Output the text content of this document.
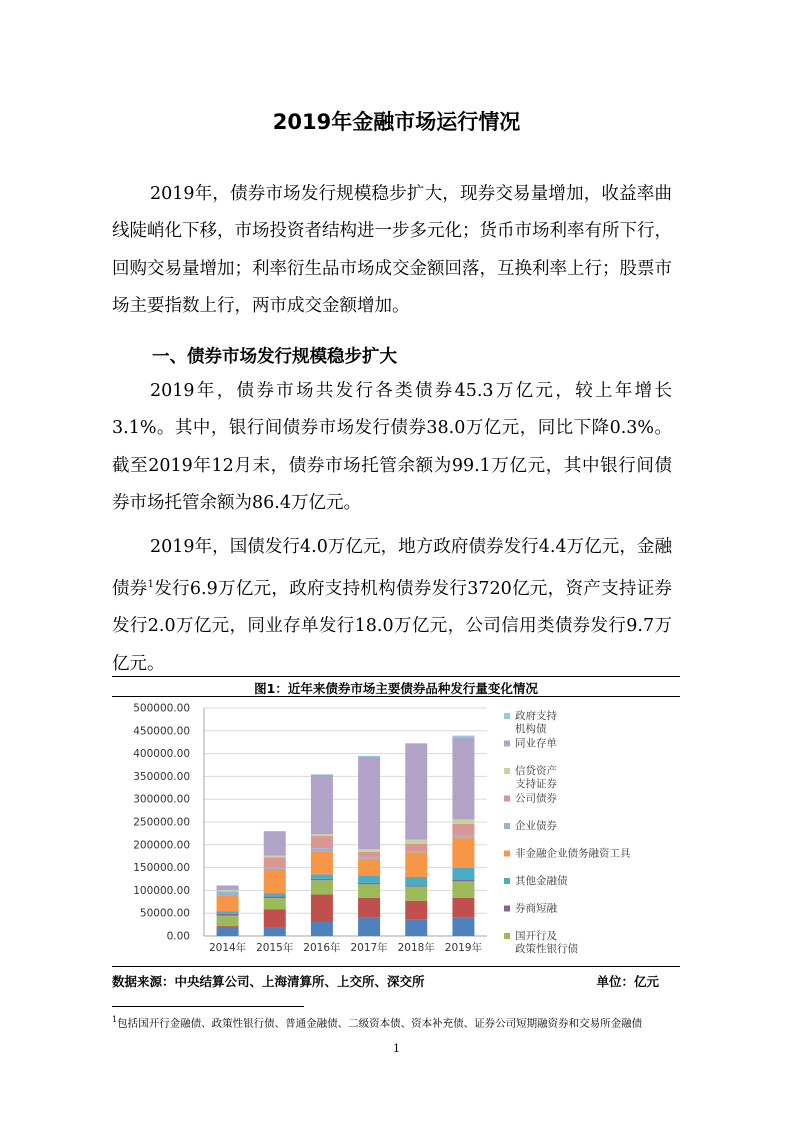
2019年金融市场运行情况

2019年，债券市场发行规模稳步扩大，现券交易量增加，收益率曲线陡峭化下移，市场投资者结构进一步多元化；货币市场利率有所下行，回购交易量增加；利率衍生品市场成交金额回落，互换利率上行；股票市场主要指数上行，两市成交金额增加。

一、债券市场发行规模稳步扩大

2019年，债券市场共发行各类债券45.3万亿元，较上年增长3.1%。其中，银行间债券市场发行债券38.0万亿元，同比下降0.3%。截至2019年12月末，债券市场托管余额为99.1万亿元，其中银行间债券市场托管余额为86.4万亿元。

2019年，国债发行4.0万亿元，地方政府债券发行4.4万亿元，金融债券$^1$发行6.9万亿元，政府支持机构债券发行3720亿元，资产支持证券发行2.0万亿元，同业存单发行18.0万亿元，公司信用类债券发行9.7万亿元。

图1：近年来债券市场主要债券品种发行量变化情况
0.00
50000.00
100000.00
150000.00
200000.00
250000.00
300000.00
350000.00
400000.00
450000.00
500000.00
2014年 2015年 2016年 2017年 2018年 2019年
政府支持机构债
同业存单
信贷资产支持证券
公司债券
企业债券
非金融企业债务融资工具
其他金融债
券商短融
国开行及政策性银行债
数据来源：中央结算公司、上海清算所、上交所、深交所	单位：亿元
$^1$包括国开行金融债、政策性银行债、普通金融债、二级资本债、资本补充债、证券公司短期融资券和交易所金融债
1
